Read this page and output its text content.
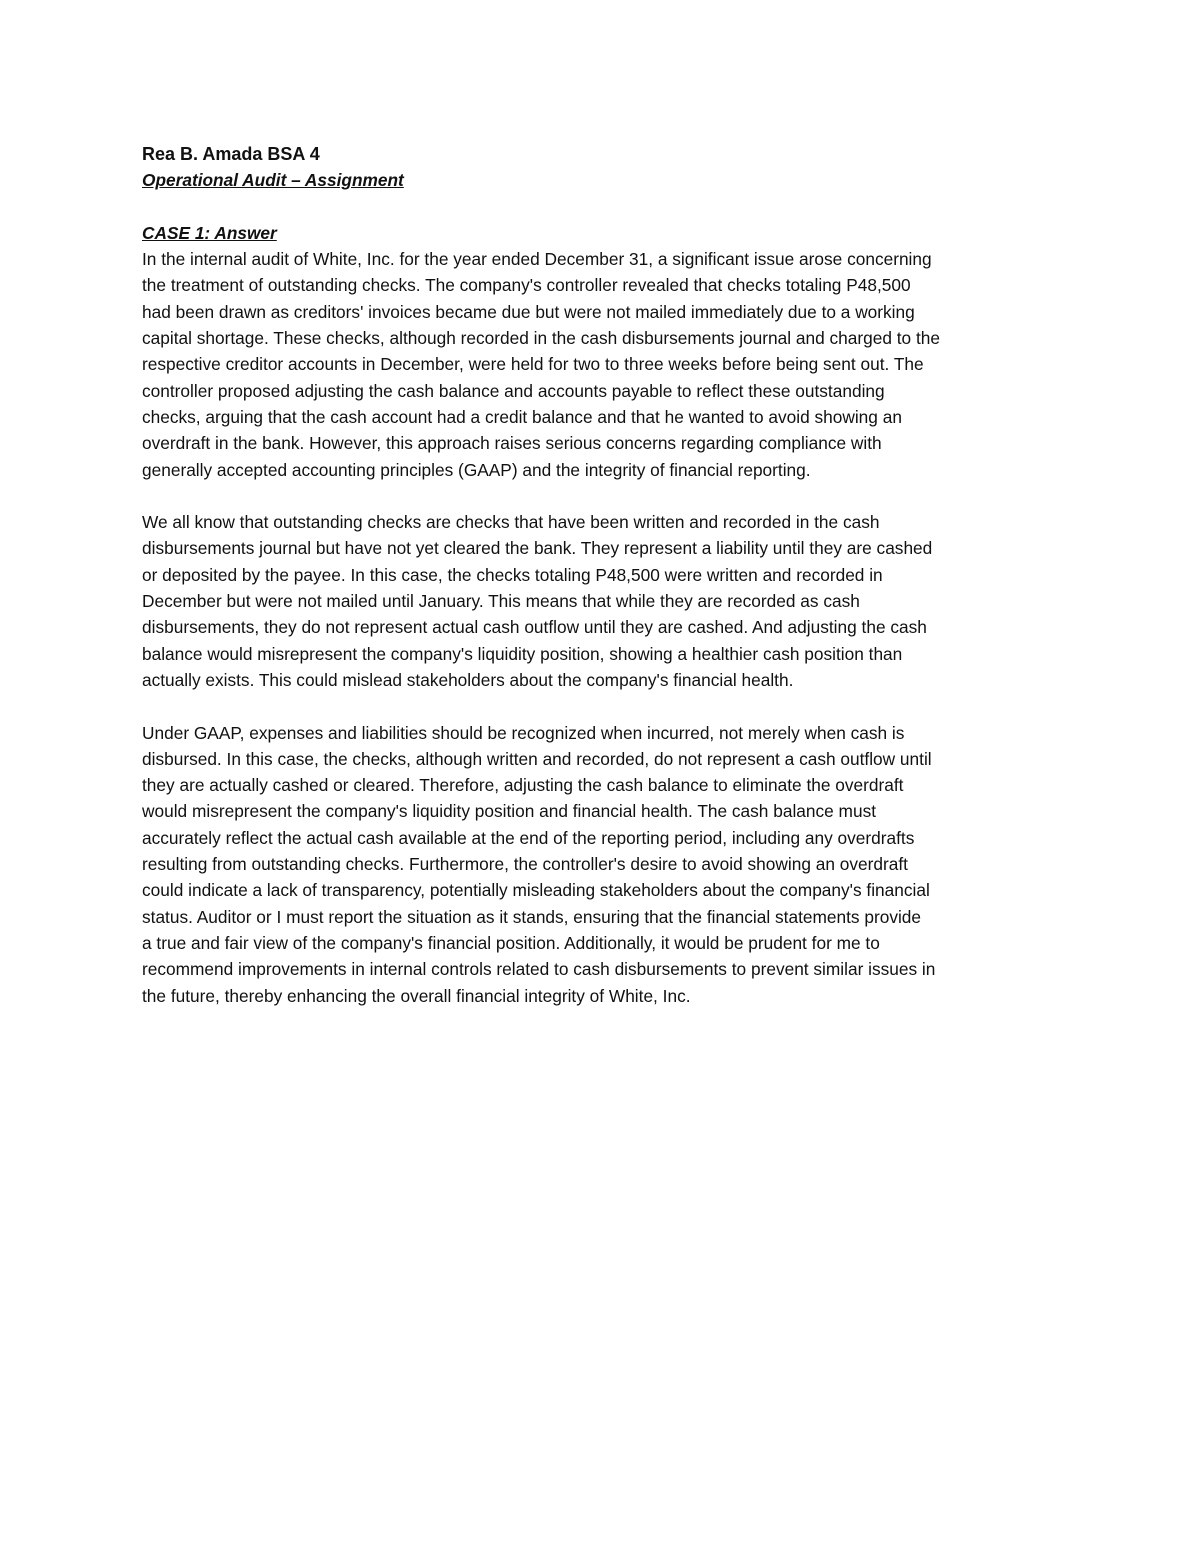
Rea B. Amada BSA 4
Operational Audit – Assignment
CASE 1: Answer
In the internal audit of White, Inc. for the year ended December 31, a significant issue arose concerning
the treatment of outstanding checks. The company's controller revealed that checks totaling P48,500
had been drawn as creditors' invoices became due but were not mailed immediately due to a working
capital shortage. These checks, although recorded in the cash disbursements journal and charged to the
respective creditor accounts in December, were held for two to three weeks before being sent out. The
controller proposed adjusting the cash balance and accounts payable to reflect these outstanding
checks, arguing that the cash account had a credit balance and that he wanted to avoid showing an
overdraft in the bank. However, this approach raises serious concerns regarding compliance with
generally accepted accounting principles (GAAP) and the integrity of financial reporting.
We all know that outstanding checks are checks that have been written and recorded in the cash
disbursements journal but have not yet cleared the bank. They represent a liability until they are cashed
or deposited by the payee. In this case, the checks totaling P48,500 were written and recorded in
December but were not mailed until January. This means that while they are recorded as cash
disbursements, they do not represent actual cash outflow until they are cashed. And adjusting the cash
balance would misrepresent the company's liquidity position, showing a healthier cash position than
actually exists. This could mislead stakeholders about the company's financial health.
Under GAAP, expenses and liabilities should be recognized when incurred, not merely when cash is
disbursed. In this case, the checks, although written and recorded, do not represent a cash outflow until
they are actually cashed or cleared. Therefore, adjusting the cash balance to eliminate the overdraft
would misrepresent the company's liquidity position and financial health. The cash balance must
accurately reflect the actual cash available at the end of the reporting period, including any overdrafts
resulting from outstanding checks. Furthermore, the controller's desire to avoid showing an overdraft
could indicate a lack of transparency, potentially misleading stakeholders about the company's financial
status. Auditor or I must report the situation as it stands, ensuring that the financial statements provide
a true and fair view of the company's financial position. Additionally, it would be prudent for me to
recommend improvements in internal controls related to cash disbursements to prevent similar issues in
the future, thereby enhancing the overall financial integrity of White, Inc.
